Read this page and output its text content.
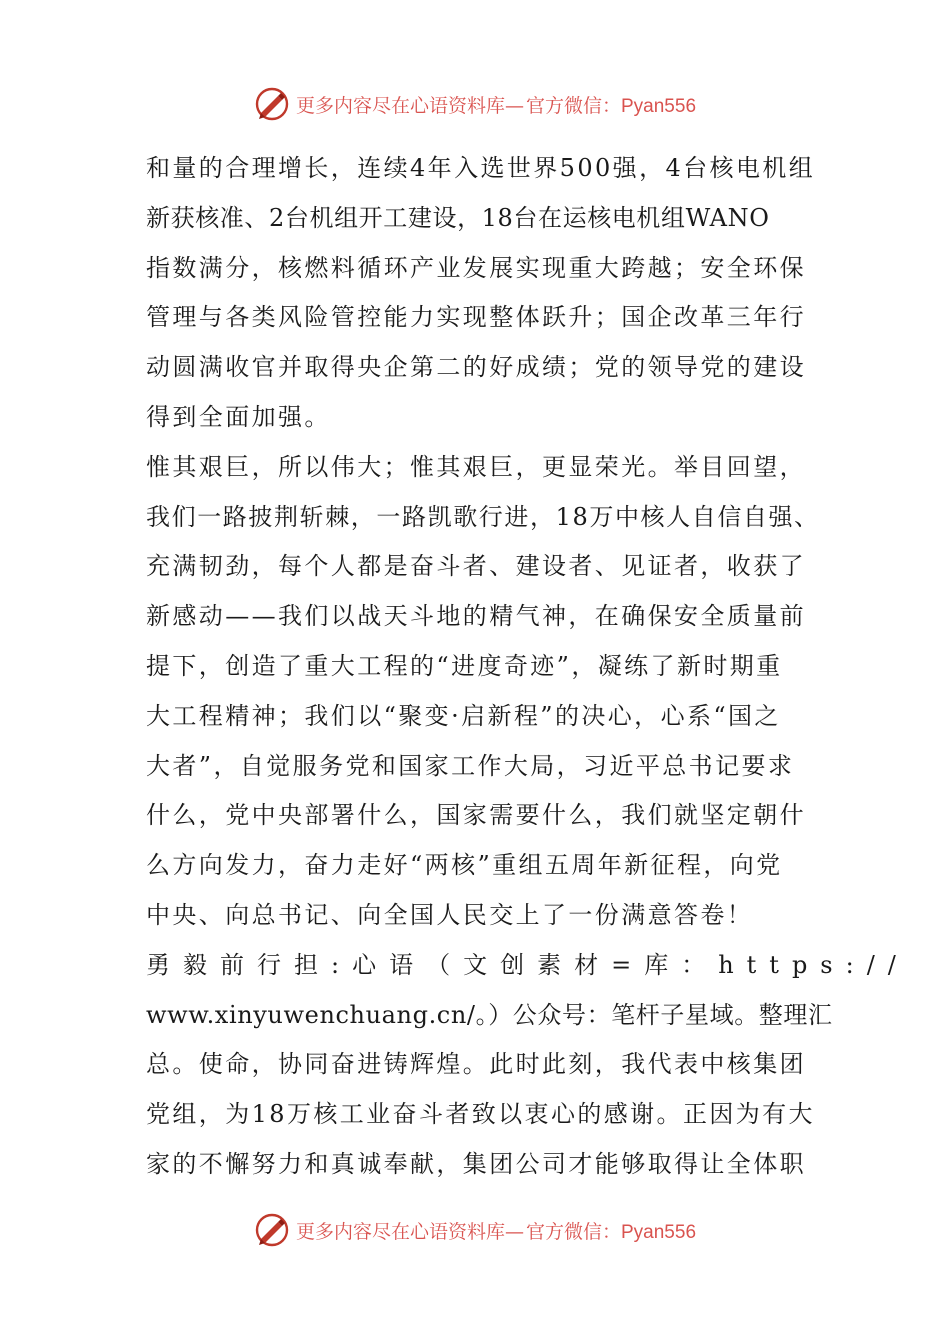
更多内容尽在心语资料库— 官方微信：Pyan556
和量的合理增长，连续4年入选世界500强，4台核电机组
新获核准、2台机组开工建设，18台在运核电机组WANO
指数满分，核燃料循环产业发展实现重大跨越；安全环保
管理与各类风险管控能力实现整体跃升；国企改革三年行
动圆满收官并取得央企第二的好成绩；党的领导党的建设
得到全面加强。
惟其艰巨，所以伟大；惟其艰巨，更显荣光。举目回望，
我们一路披荆斩棘，一路凯歌行进，18万中核人自信自强、
充满韧劲，每个人都是奋斗者、建设者、见证者，收获了
新感动——我们以战天斗地的精气神，在确保安全质量前
提下，创造了重大工程的“进度奇迹”，凝练了新时期重
大工程精神；我们以“聚变·启新程”的决心，心系“国之
大者”，自觉服务党和国家工作大局，习近平总书记要求
什么，党中央部署什么，国家需要什么，我们就坚定朝什
么方向发力，奋力走好“两核”重组五周年新征程，向党
中央、向总书记、向全国人民交上了一份满意答卷！
勇毅前行担:心语（文创素材=库：https://
www.xinyuwenchuang.cn/。）公众号：笔杆子星域。整理汇
总。使命，协同奋进铸辉煌。此时此刻，我代表中核集团
党组，为18万核工业奋斗者致以衷心的感谢。正因为有大
家的不懈努力和真诚奉献，集团公司才能够取得让全体职
更多内容尽在心语资料库— 官方微信：Pyan556
